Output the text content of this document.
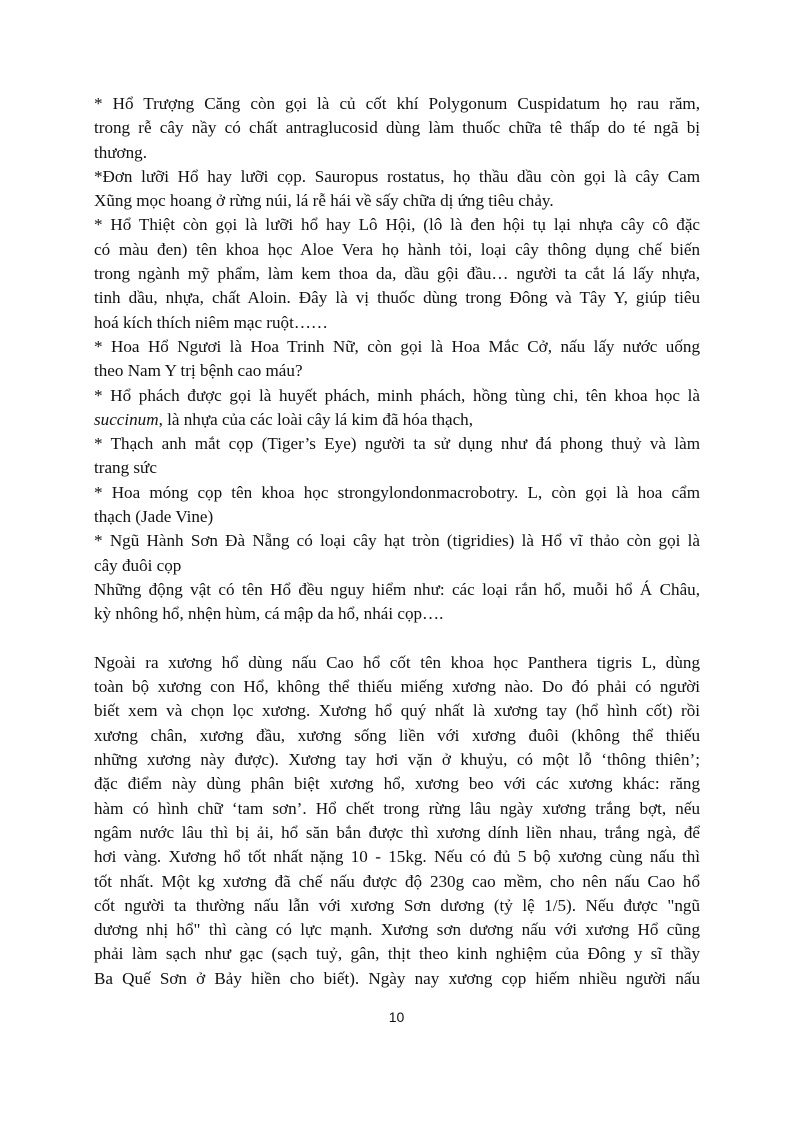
* Hổ Trượng Căng còn gọi là củ cốt khí Polygonum Cuspidatum họ rau răm,
trong rễ cây nầy có chất antraglucosid dùng làm thuốc chữa tê thấp do té ngã bị
thương.
*Đơn lưỡi Hổ hay lưỡi cọp. Sauropus rostatus, họ thầu dầu còn gọi là cây Cam
Xũng mọc hoang ở rừng núi, lá rễ hái về sấy chữa dị ứng tiêu chảy.
* Hổ Thiệt còn gọi là lưỡi hổ hay Lô Hội, (lô là đen hội tụ lại nhựa cây cô đặc
có màu đen) tên khoa học Aloe Vera họ hành tỏi, loại cây thông dụng chế biến
trong ngành mỹ phẩm, làm kem thoa da, dầu gội đầu… người ta cắt lá lấy nhựa,
tinh dầu, nhựa, chất Aloin. Đây là vị thuốc dùng trong Đông và Tây Y, giúp tiêu
hoá kích thích niêm mạc ruột……
* Hoa Hổ Ngươi là Hoa Trinh Nữ, còn gọi là Hoa Mắc Cở, nấu lấy nước uống
theo Nam Y trị bệnh cao máu?
* Hổ phách được gọi là huyết phách, minh phách, hồng tùng chi, tên khoa học là
succinum, là nhựa của các loài cây lá kim đã hóa thạch,
* Thạch anh mắt cọp (Tiger’s Eye) người ta sử dụng như đá phong thuỷ và làm
trang sức
* Hoa móng cọp tên khoa học strongylondonmacrobotry. L, còn gọi là hoa cẩm
thạch (Jade Vine)
* Ngũ Hành Sơn Đà Nẵng có loại cây hạt tròn (tigridies) là Hổ vĩ thảo còn gọi là
cây đuôi cọp
Những động vật có tên Hổ đều nguy hiểm như: các loại rắn hổ, muỗi hổ Á Châu,
kỳ nhông hổ, nhện hùm, cá mập da hổ, nhái cọp….
Ngoài ra xương hổ dùng nấu Cao hổ cốt tên khoa học Panthera tigris L, dùng
toàn bộ xương con Hổ, không thể thiếu miếng xương nào. Do đó phải có người
biết xem và chọn lọc xương. Xương hổ quý nhất là xương tay (hổ hình cốt) rồi
xương chân, xương đầu, xương sống liền với xương đuôi (không thể thiếu
những xương này được). Xương tay hơi vặn ở khuỷu, có một lỗ ‘thông thiên’;
đặc điểm này dùng phân biệt xương hổ, xương beo với các xương khác: răng
hàm có hình chữ ‘tam sơn’. Hổ chết trong rừng lâu ngày xương trắng bợt, nếu
ngâm nước lâu thì bị ải, hổ săn bắn được thì xương dính liền nhau, trắng ngà, để
hơi vàng. Xương hổ tốt nhất nặng 10 - 15kg. Nếu có đủ 5 bộ xương cùng nấu thì
tốt nhất. Một kg xương đã chế nấu được độ 230g cao mềm, cho nên nấu Cao hổ
cốt người ta thường nấu lẫn với xương Sơn dương (tỷ lệ 1/5). Nếu được "ngũ
dương nhị hổ" thì càng có lực mạnh. Xương sơn dương nấu với xương Hổ cũng
phải làm sạch như gạc (sạch tuỷ, gân, thịt theo kinh nghiệm của Đông y sĩ thầy
Ba Quế Sơn ở Bảy hiền cho biết). Ngày nay xương cọp hiếm nhiều người nấu
10
